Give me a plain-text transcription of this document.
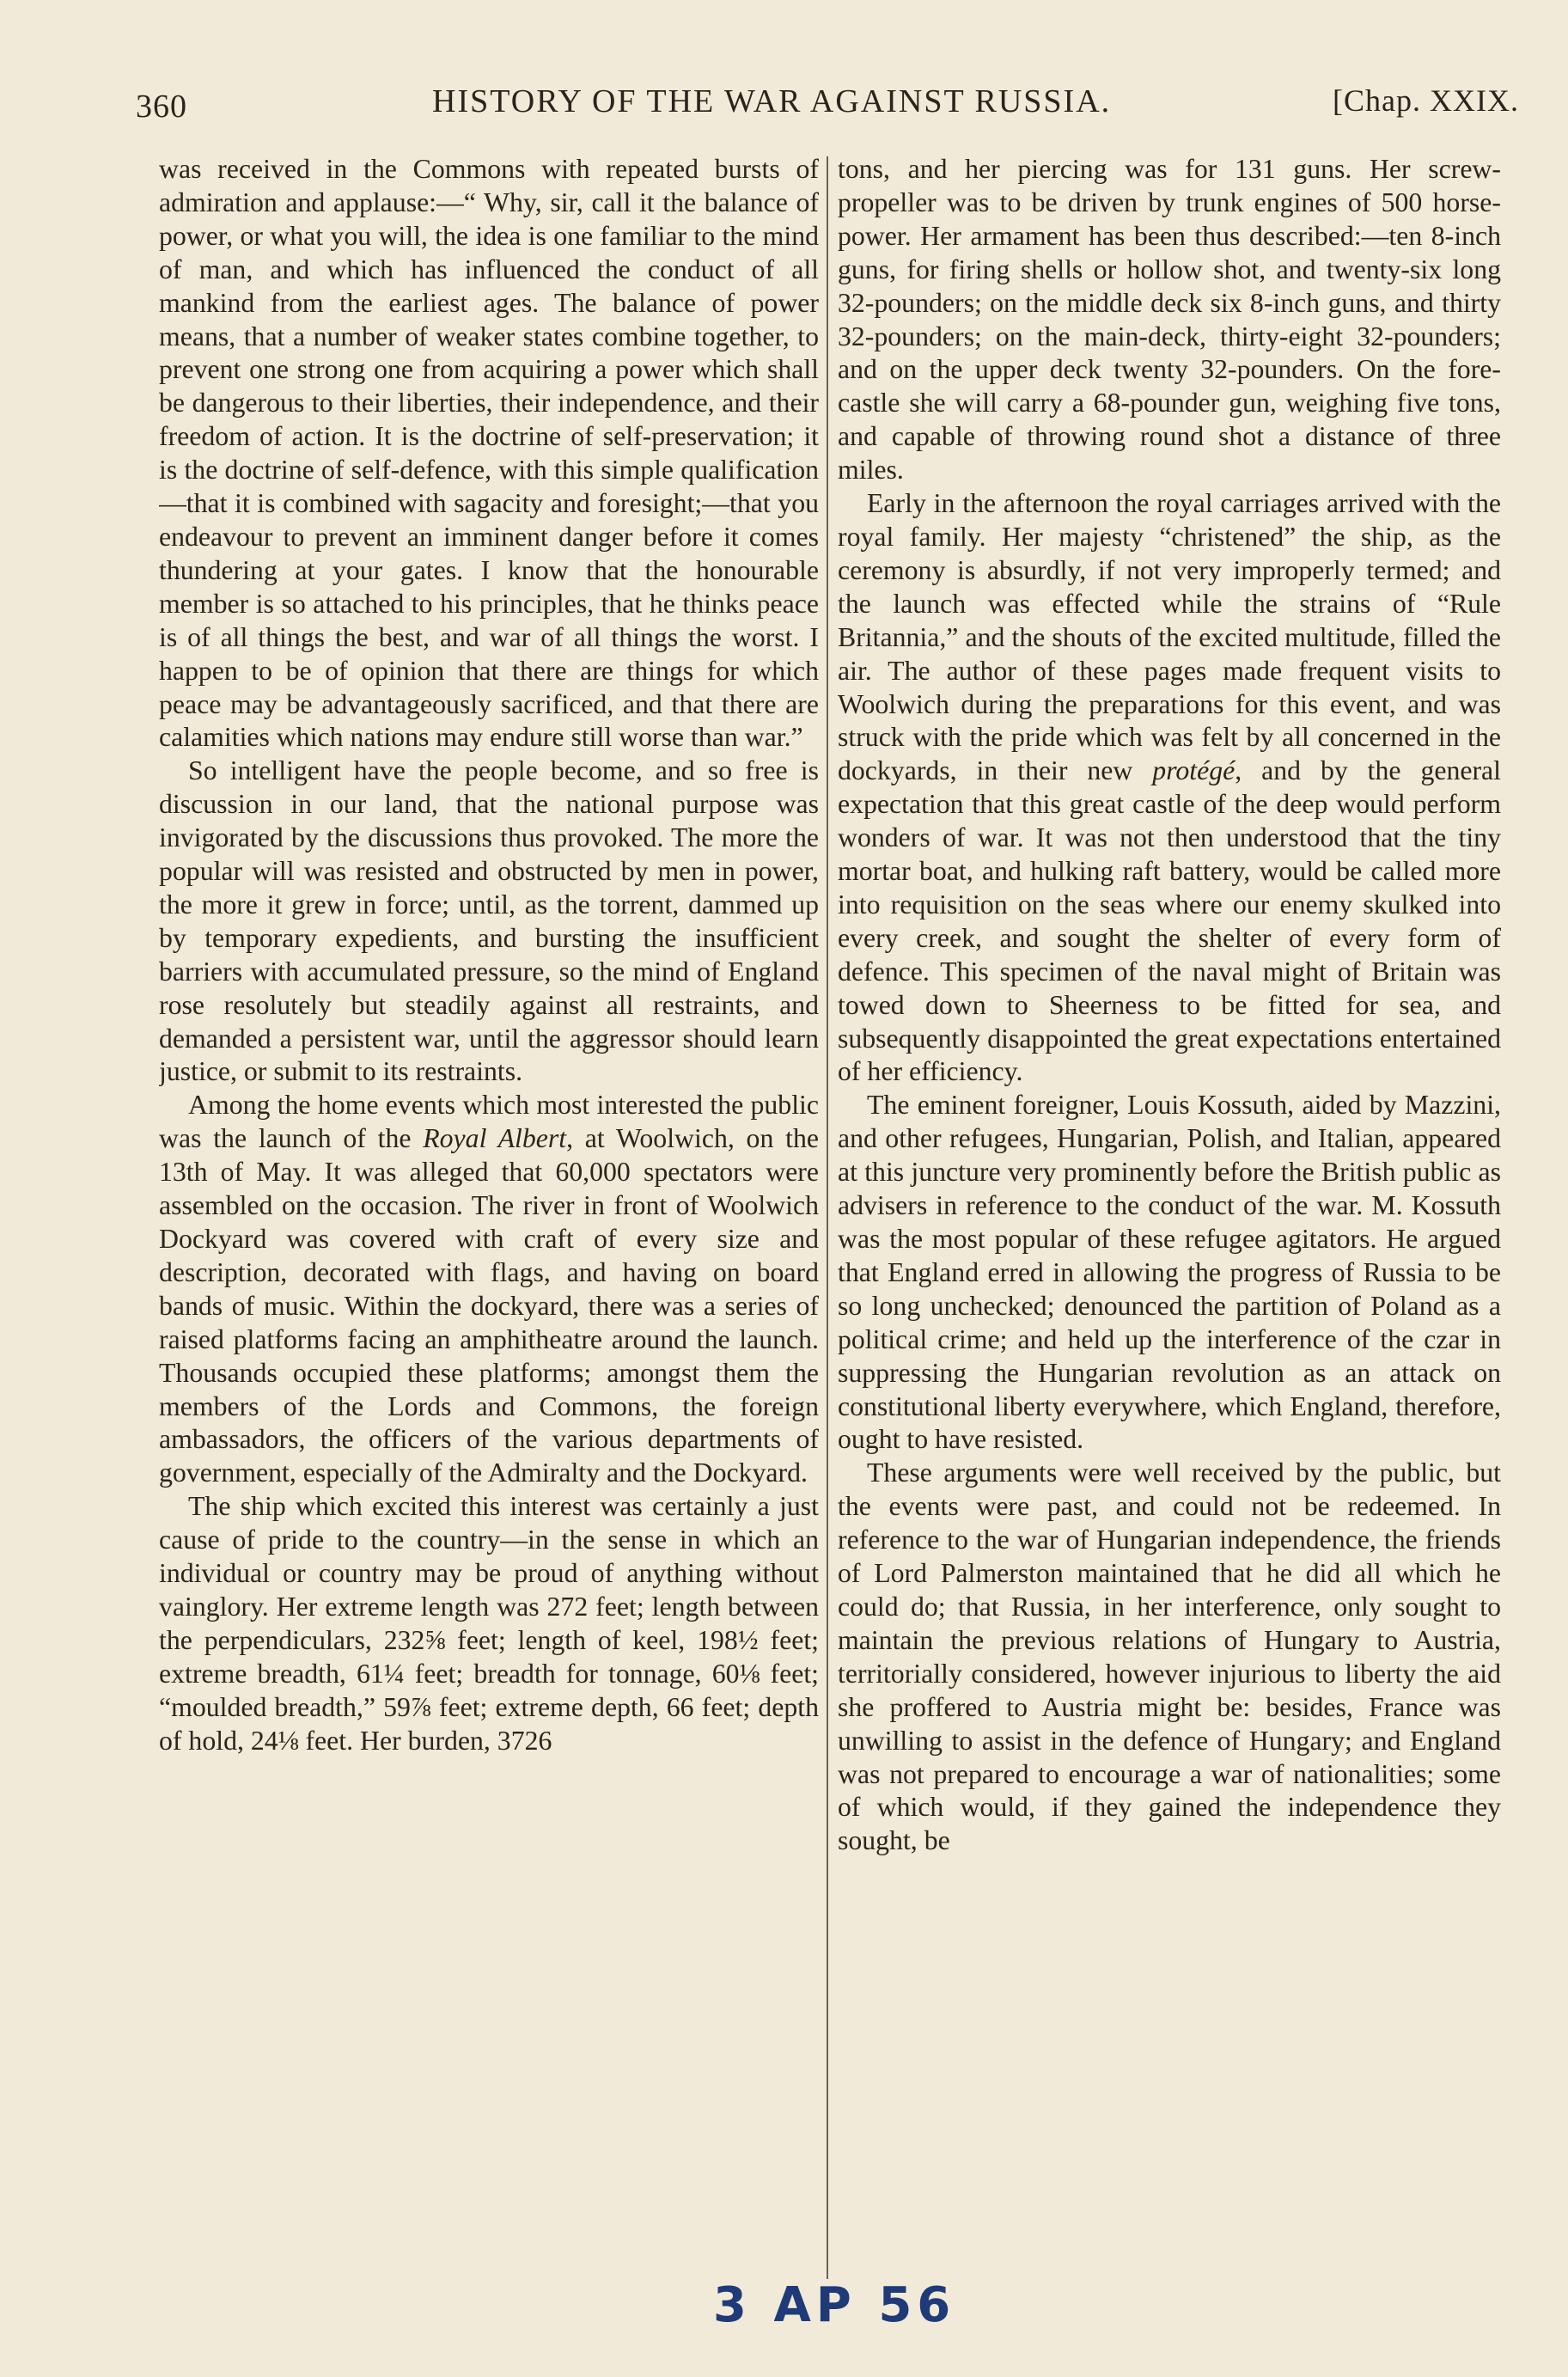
360	HISTORY OF THE WAR AGAINST RUSSIA.	[Chap. XXIX.

was received in the Commons with repeated bursts of admiration and applause:—“ Why, sir, call it the balance of power, or what you will, the idea is one familiar to the mind of man, and which has influenced the conduct of all mankind from the earliest ages. The balance of power means, that a number of weaker states combine together, to prevent one strong one from acquiring a power which shall be dangerous to their liberties, their independence, and their freedom of action. It is the doctrine of self-preservation; it is the doctrine of self-defence, with this simple qualification—that it is combined with sagacity and foresight;—that you endeavour to prevent an imminent danger before it comes thundering at your gates. I know that the honourable member is so attached to his principles, that he thinks peace is of all things the best, and war of all things the worst. I happen to be of opinion that there are things for which peace may be advantageously sacrificed, and that there are calamities which nations may endure still worse than war.”

So intelligent have the people become, and so free is discussion in our land, that the national purpose was invigorated by the discussions thus provoked. The more the popular will was resisted and obstructed by men in power, the more it grew in force; until, as the torrent, dammed up by temporary expedients, and bursting the insufficient barriers with accumulated pressure, so the mind of England rose resolutely but steadily against all restraints, and demanded a persistent war, until the aggressor should learn justice, or submit to its restraints.

Among the home events which most interested the public was the launch of the Royal Albert, at Woolwich, on the 13th of May. It was alleged that 60,000 spectators were assembled on the occasion. The river in front of Woolwich Dockyard was covered with craft of every size and description, decorated with flags, and having on board bands of music. Within the dockyard, there was a series of raised platforms facing an amphitheatre around the launch. Thousands occupied these platforms; amongst them the members of the Lords and Commons, the foreign ambassadors, the officers of the various departments of government, especially of the Admiralty and the Dockyard.

The ship which excited this interest was certainly a just cause of pride to the country—in the sense in which an individual or country may be proud of anything without vainglory. Her extreme length was 272 feet; length between the perpendiculars, 232⅝ feet; length of keel, 198½ feet; extreme breadth, 61¼ feet; breadth for tonnage, 60⅛ feet; “moulded breadth,” 59⅞ feet; extreme depth, 66 feet; depth of hold, 24⅛ feet. Her burden, 3726

tons, and her piercing was for 131 guns. Her screw-propeller was to be driven by trunk engines of 500 horse-power. Her armament has been thus described:—ten 8-inch guns, for firing shells or hollow shot, and twenty-six long 32-pounders; on the middle deck six 8-inch guns, and thirty 32-pounders; on the main-deck, thirty-eight 32-pounders; and on the upper deck twenty 32-pounders. On the fore-castle she will carry a 68-pounder gun, weighing five tons, and capable of throwing round shot a distance of three miles.

Early in the afternoon the royal carriages arrived with the royal family. Her majesty “christened” the ship, as the ceremony is absurdly, if not very improperly termed; and the launch was effected while the strains of “Rule Britannia,” and the shouts of the excited multitude, filled the air. The author of these pages made frequent visits to Woolwich during the preparations for this event, and was struck with the pride which was felt by all concerned in the dockyards, in their new protégé, and by the general expectation that this great castle of the deep would perform wonders of war. It was not then understood that the tiny mortar boat, and hulking raft battery, would be called more into requisition on the seas where our enemy skulked into every creek, and sought the shelter of every form of defence. This specimen of the naval might of Britain was towed down to Sheerness to be fitted for sea, and subsequently disappointed the great expectations entertained of her efficiency.

The eminent foreigner, Louis Kossuth, aided by Mazzini, and other refugees, Hungarian, Polish, and Italian, appeared at this juncture very prominently before the British public as advisers in reference to the conduct of the war. M. Kossuth was the most popular of these refugee agitators. He argued that England erred in allowing the progress of Russia to be so long unchecked; denounced the partition of Poland as a political crime; and held up the interference of the czar in suppressing the Hungarian revolution as an attack on constitutional liberty everywhere, which England, therefore, ought to have resisted.

These arguments were well received by the public, but the events were past, and could not be redeemed. In reference to the war of Hungarian independence, the friends of Lord Palmerston maintained that he did all which he could do; that Russia, in her interference, only sought to maintain the previous relations of Hungary to Austria, territorially considered, however injurious to liberty the aid she proffered to Austria might be: besides, France was unwilling to assist in the defence of Hungary; and England was not prepared to encourage a war of nationalities; some of which would, if they gained the independence they sought, be

3 AP 56
